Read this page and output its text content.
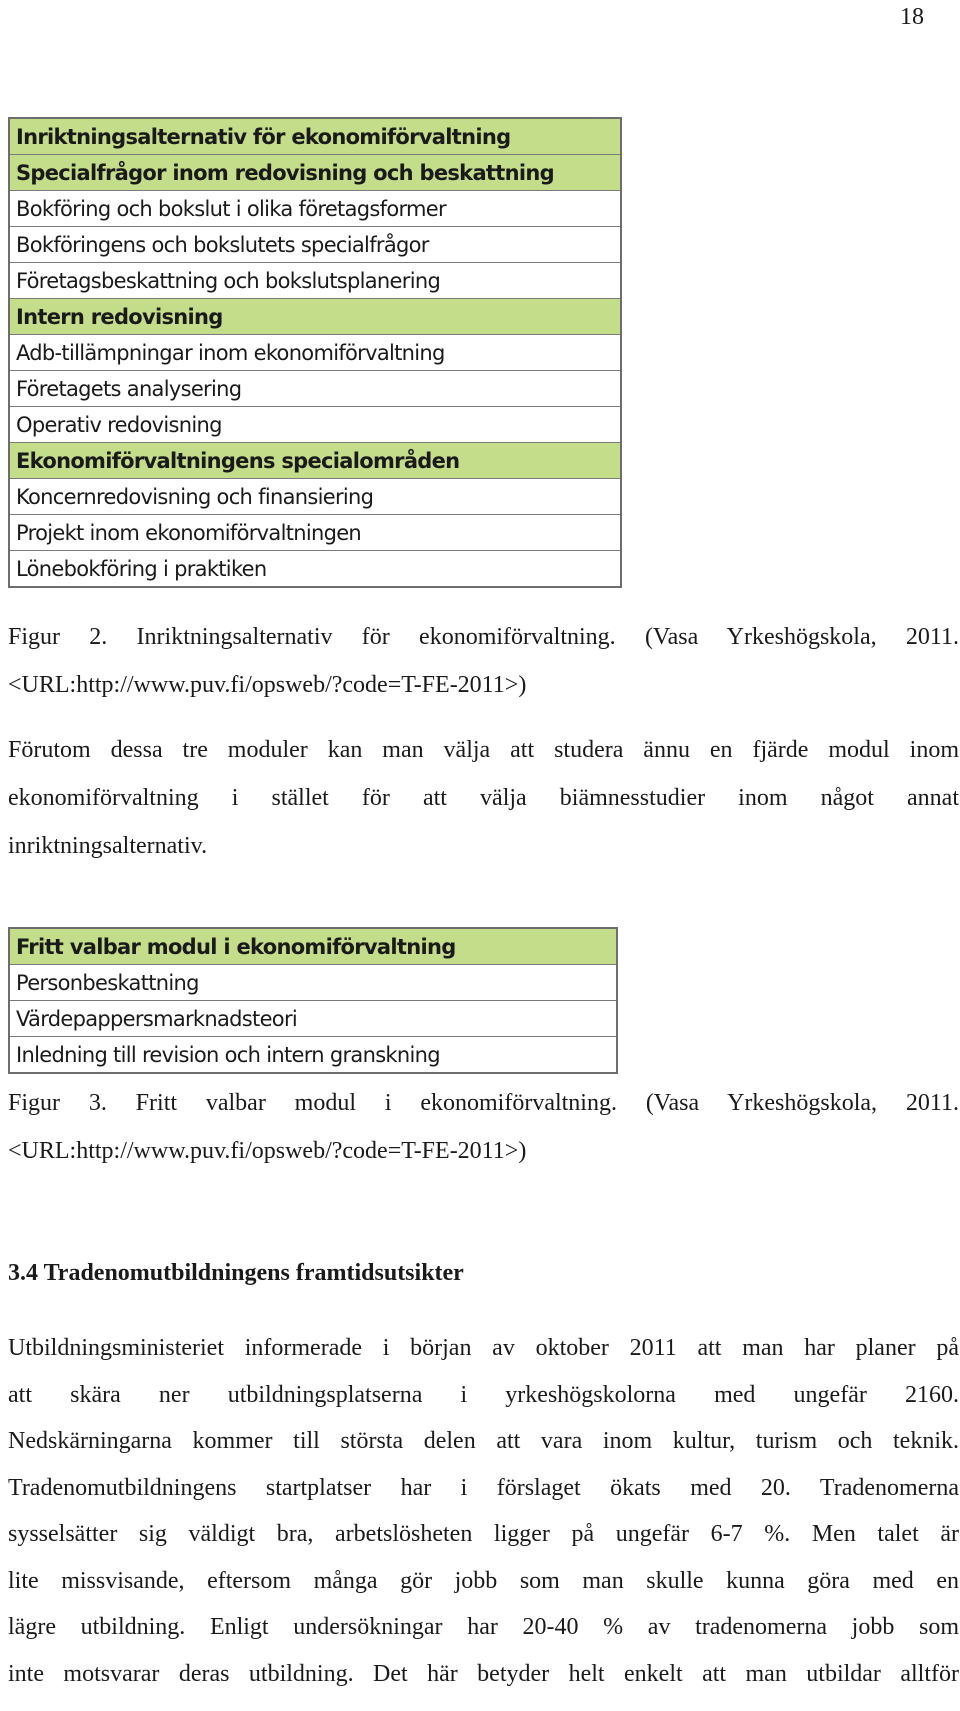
18
Inriktningsalternativ för ekonomiförvaltning
Specialfrågor inom redovisning och beskattning
Bokföring och bokslut i olika företagsformer
Bokföringens och bokslutets specialfrågor
Företagsbeskattning och bokslutsplanering
Intern redovisning
Adb-tillämpningar inom ekonomiförvaltning
Företagets analysering
Operativ redovisning
Ekonomiförvaltningens specialområden
Koncernredovisning och finansiering
Projekt inom ekonomiförvaltningen
Lönebokföring i praktiken
Figur 2. Inriktningsalternativ för ekonomiförvaltning. (Vasa Yrkeshögskola, 2011.
<URL:http://www.puv.fi/opsweb/?code=T-FE-2011>)
Förutom dessa tre moduler kan man välja att studera ännu en fjärde modul inom
ekonomiförvaltning i stället för att välja biämnesstudier inom något annat
inriktningsalternativ.
Fritt valbar modul i ekonomiförvaltning
Personbeskattning
Värdepappersmarknadsteori
Inledning till revision och intern granskning
Figur 3. Fritt valbar modul i ekonomiförvaltning. (Vasa Yrkeshögskola, 2011.
<URL:http://www.puv.fi/opsweb/?code=T-FE-2011>)
3.4 Tradenomutbildningens framtidsutsikter
Utbildningsministeriet informerade i början av oktober 2011 att man har planer på
att skära ner utbildningsplatserna i yrkeshögskolorna med ungefär 2160.
Nedskärningarna kommer till största delen att vara inom kultur, turism och teknik.
Tradenomutbildningens startplatser har i förslaget ökats med 20. Tradenomerna
sysselsätter sig väldigt bra, arbetslösheten ligger på ungefär 6-7 %. Men talet är
lite missvisande, eftersom många gör jobb som man skulle kunna göra med en
lägre utbildning. Enligt undersökningar har 20-40 % av tradenomerna jobb som
inte motsvarar deras utbildning. Det här betyder helt enkelt att man utbildar alltför
